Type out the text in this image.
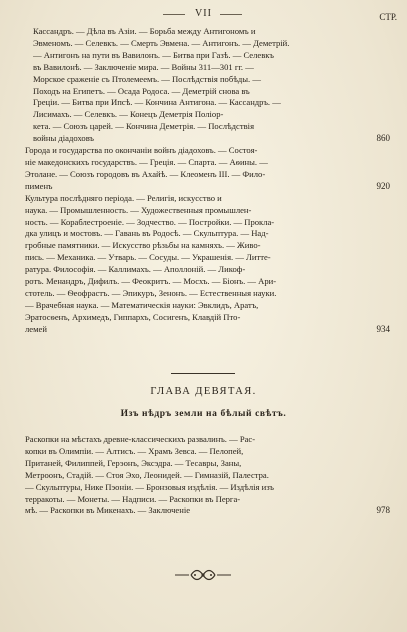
VII	СТР.
Кассандръ. — Дѣла въ Азіи. — Борьба между Антигономъ и
Эвменомъ. — Селевкъ. — Смерть Эвмена. — Антигонъ. — Деметрій.
— Антигонъ на пути въ Вавилонъ. — Битва при Газѣ. — Селевкъ
въ Вавилонѣ. — Заключеніе мира. — Войны 311—301 гг. —
Морское сраженіе съ Птолемеемъ. — Послѣдствія побѣды. —
Походъ на Египетъ. — Осада Родоса. — Деметрій снова въ
Греціи. — Битва при Ипсѣ. — Кончина Антигона. — Кассандръ. —
Лисимахъ. — Селевкъ. — Конецъ Деметрія Поліор-
кета. — Союзъ царей. — Кончина Деметрія. — Послѣдствія
войны діадоховъ	860
Города и государства по окончаніи войнъ діадоховъ. — Состоя-
ніе македонскихъ государствъ. — Греція. — Спарта. — Аѳины. —
Этолане. — Союзъ городовъ въ Ахайѣ. — Клеоменъ III. — Фило-
пименъ	920
Культура послѣдняго періода. — Религія, искусство и
наука. — Промышленность. — Художественныя промышлен-
ность. — Кораблестроеніе. — Зодчество. — Постройки. — Прокла-
дка улицъ и мостовъ. — Гавань въ Родосѣ. — Скульптура. — Над-
гробные памятники. — Искусство рѣзьбы на камняхъ. — Живо-
пись. — Механика. — Утварь. — Сосуды. — Украшенія. — Литте-
ратура. Философія. — Каллимахъ. — Аполлоній. — Ликоф-
ротъ. Менандръ, Дифилъ. — Феокритъ. — Мосхъ. — Біонъ. — Ари-
стотель. — Ѳеофрастъ. — Эпикуръ, Зенонъ. — Естественныя науки.
— Врачебная наука. — Математическія науки: Эвклидъ, Аратъ,
Эратосѳенъ, Архимедъ, Гиппархъ, Сосигенъ, Клавдій Пто-
лемей	934
ГЛАВА ДЕВЯТАЯ.
Изъ нѣдръ земли на бѣлый свѣтъ.
Раскопки на мѣстахъ древне-классическихъ развалинъ. — Рас-
копки въ Олимпіи. — Алтисъ. — Храмъ Зевса. — Пелопей,
Пританей, Филиппей, Герэонъ, Эксэдра. — Тесавры, Заны,
Метроонъ, Стадій. — Стоя Эхо, Леонидей. — Гимназій, Палестра.
— Скульптуры, Нике Пэоніи. — Бронзовыя издѣлія. — Издѣлія изъ
терракоты. — Монеты. — Надписи. — Раскопки въ Перга-
мѣ. — Раскопки въ Микенахъ. — Заключеніе	978
